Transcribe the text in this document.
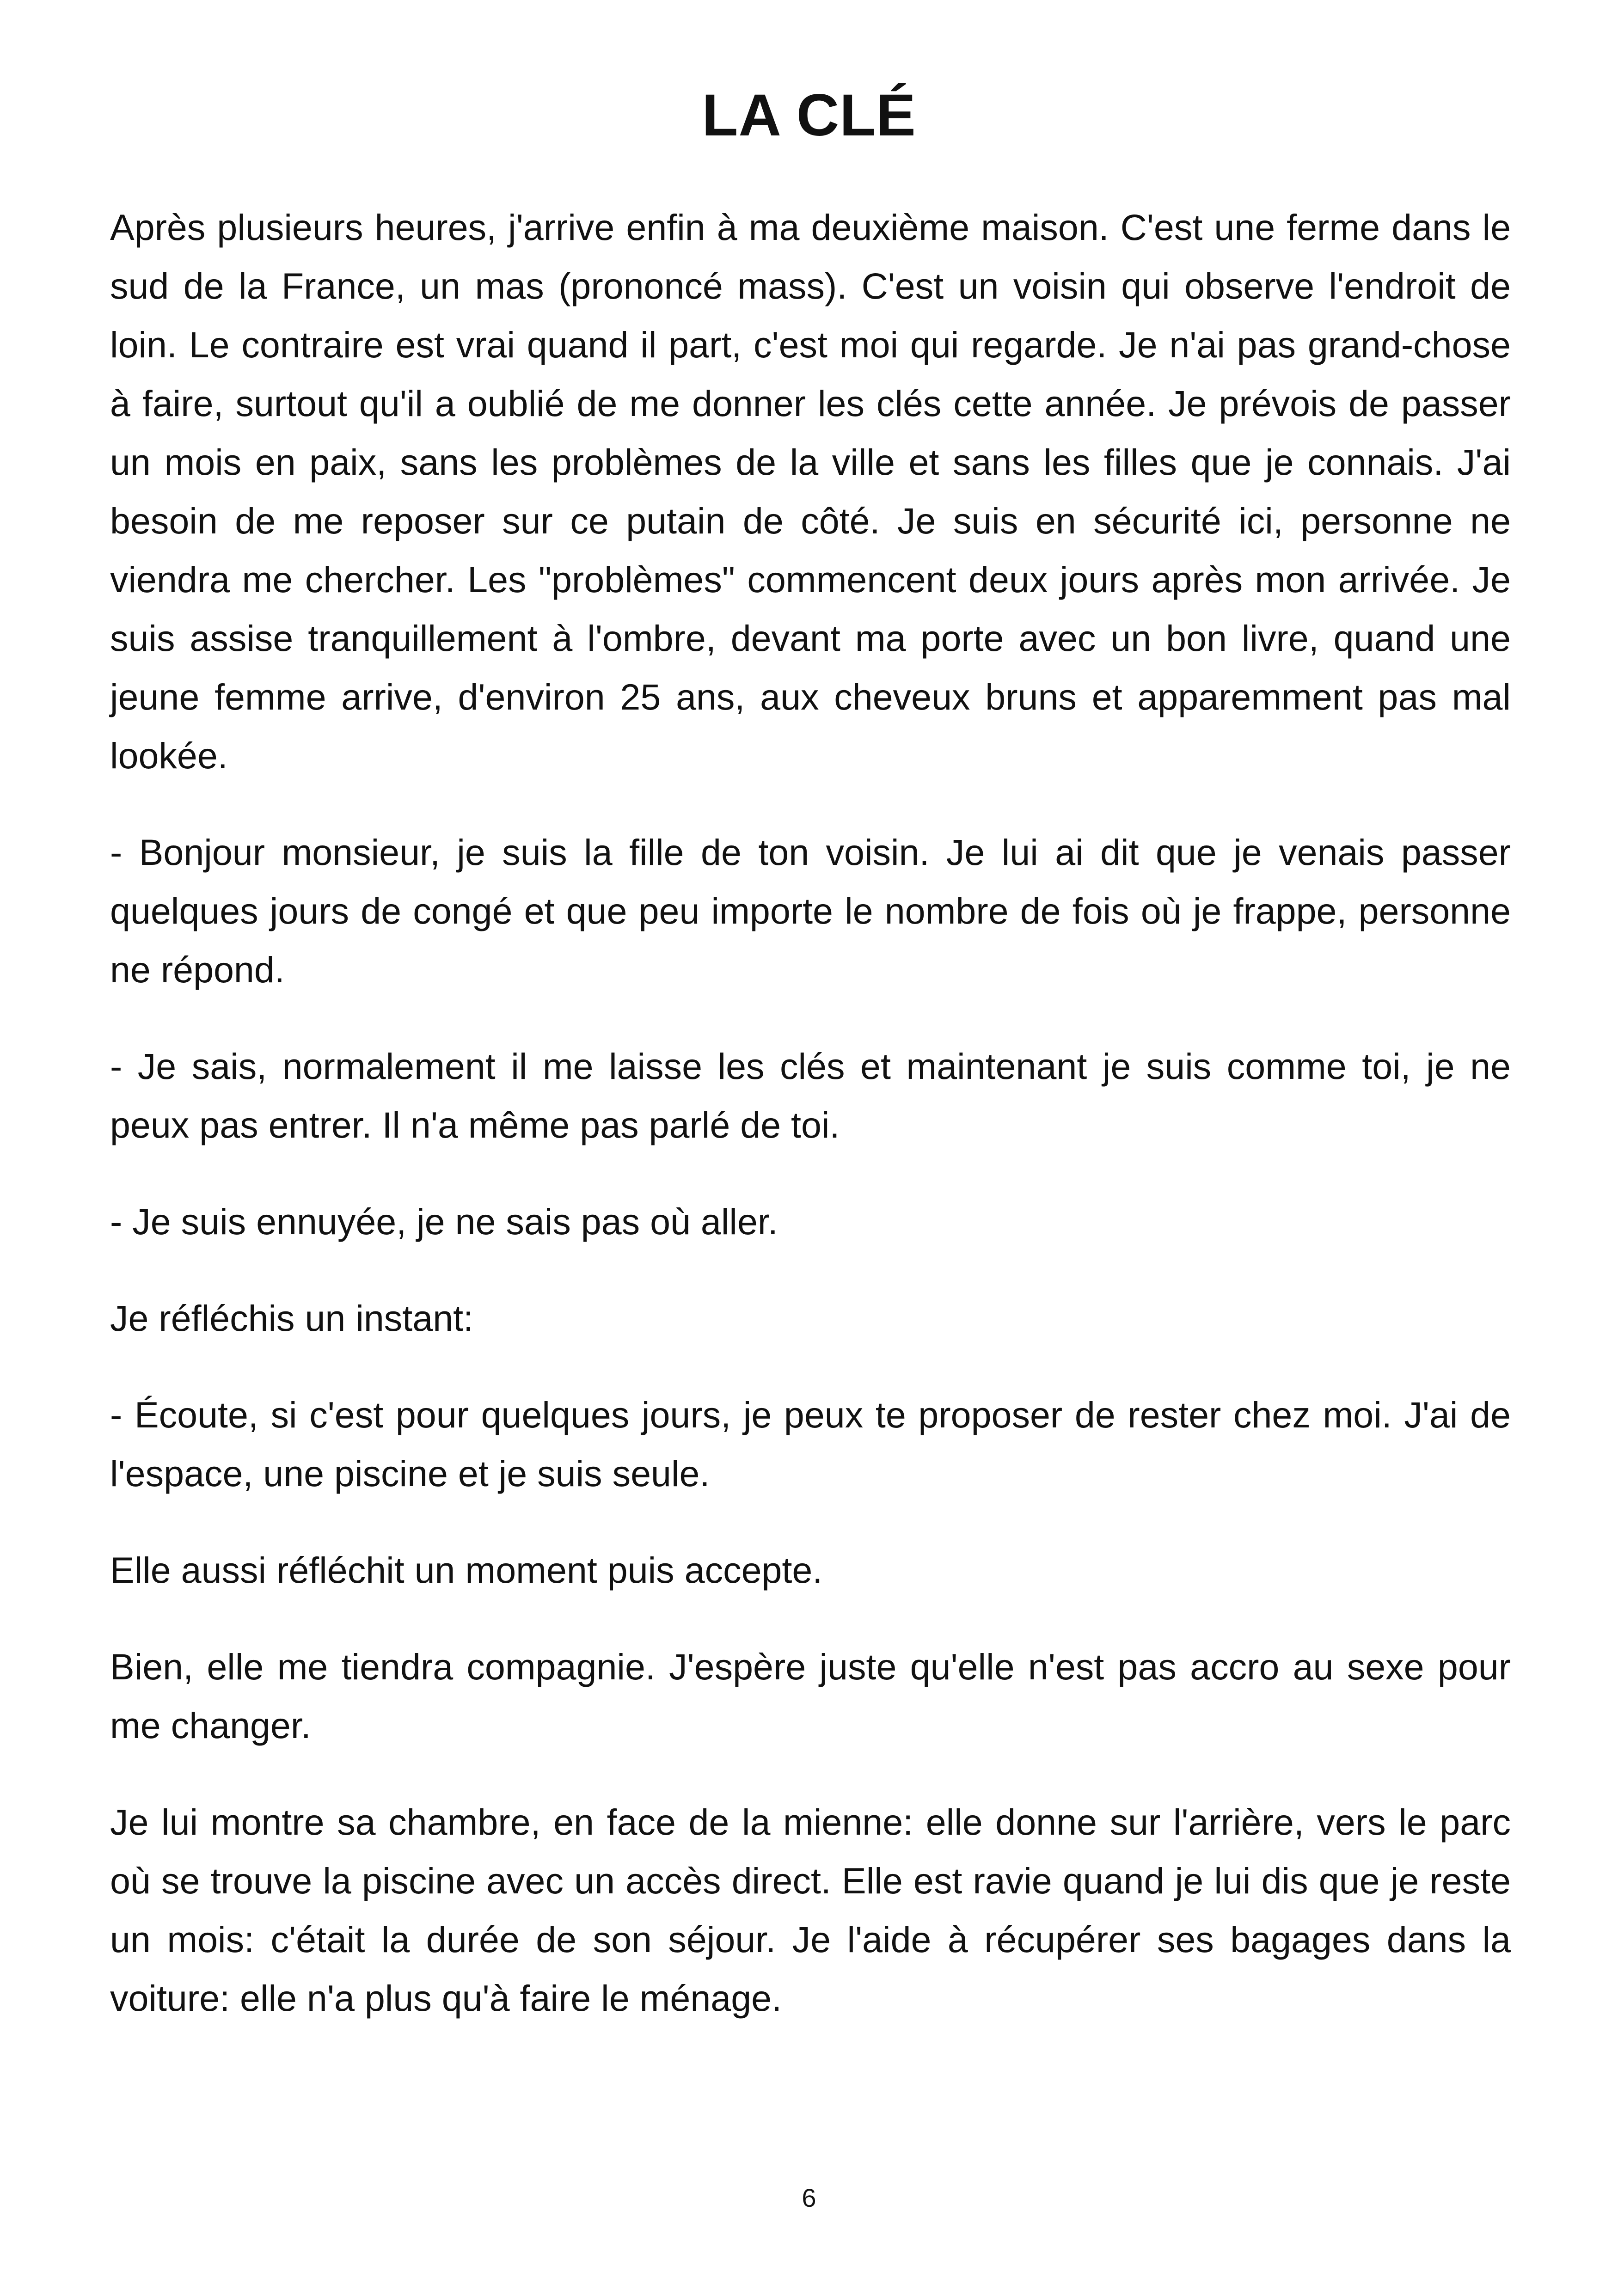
LA CLÉ

Après plusieurs heures, j'arrive enfin à ma deuxième maison. C'est une ferme dans le sud de la France, un mas (prononcé mass). C'est un voisin qui observe l'endroit de loin. Le contraire est vrai quand il part, c'est moi qui regarde. Je n'ai pas grand-chose à faire, surtout qu'il a oublié de me donner les clés cette année. Je prévois de passer un mois en paix, sans les problèmes de la ville et sans les filles que je connais. J'ai besoin de me reposer sur ce putain de côté. Je suis en sécurité ici, personne ne viendra me chercher. Les "problèmes" commencent deux jours après mon arrivée. Je suis assise tranquillement à l'ombre, devant ma porte avec un bon livre, quand une jeune femme arrive, d'environ 25 ans, aux cheveux bruns et apparemment pas mal lookée.

- Bonjour monsieur, je suis la fille de ton voisin. Je lui ai dit que je venais passer quelques jours de congé et que peu importe le nombre de fois où je frappe, personne ne répond.

- Je sais, normalement il me laisse les clés et maintenant je suis comme toi, je ne peux pas entrer. Il n'a même pas parlé de toi.

- Je suis ennuyée, je ne sais pas où aller.

Je réfléchis un instant:

- Écoute, si c'est pour quelques jours, je peux te proposer de rester chez moi. J'ai de l'espace, une piscine et je suis seule.

Elle aussi réfléchit un moment puis accepte.

Bien, elle me tiendra compagnie. J'espère juste qu'elle n'est pas accro au sexe pour me changer.

Je lui montre sa chambre, en face de la mienne: elle donne sur l'arrière, vers le parc où se trouve la piscine avec un accès direct. Elle est ravie quand je lui dis que je reste un mois: c'était la durée de son séjour. Je l'aide à récupérer ses bagages dans la voiture: elle n'a plus qu'à faire le ménage.

6
